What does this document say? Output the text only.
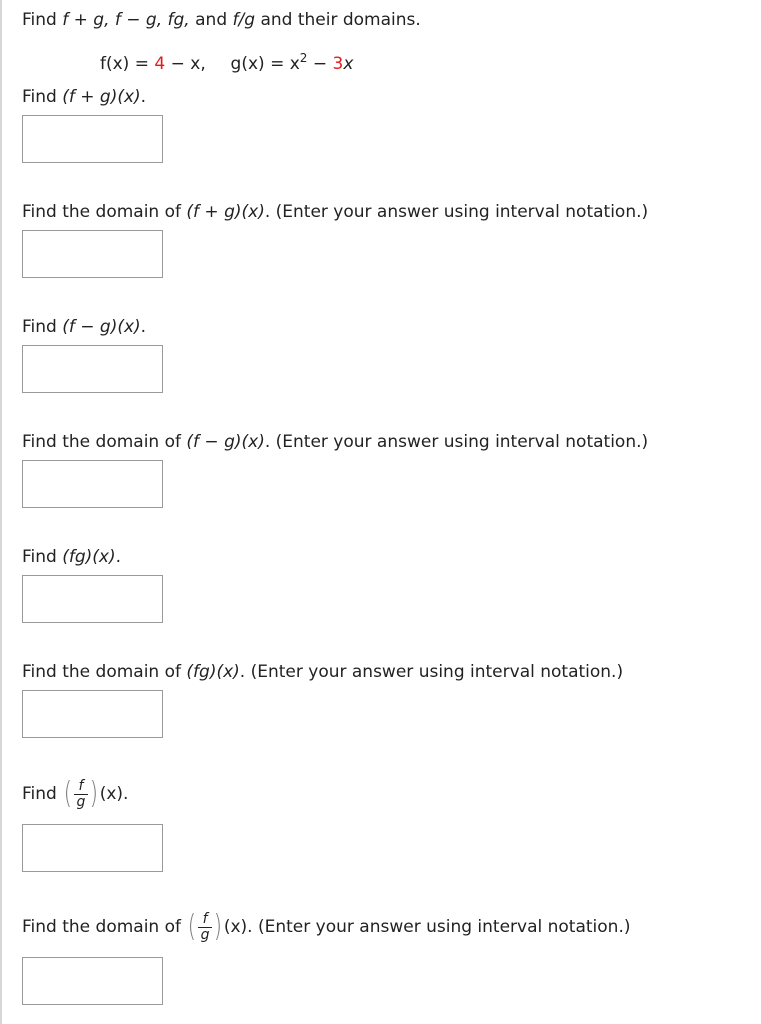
Find f + g, f − g, fg, and f/g and their domains.
f(x) = 4 − x, $g(x) = x^2 - 3x$
Find (f + g)(x).
Find the domain of (f + g)(x). (Enter your answer using interval notation.)
Find (f − g)(x).
Find the domain of (f − g)(x). (Enter your answer using interval notation.)
Find (fg)(x).
Find the domain of (fg)(x). (Enter your answer using interval notation.)
Find ( $\frac{f}{g}$ ) (x).
Find the domain of ( $\frac{f}{g}$ ) (x). (Enter your answer using interval notation.)
